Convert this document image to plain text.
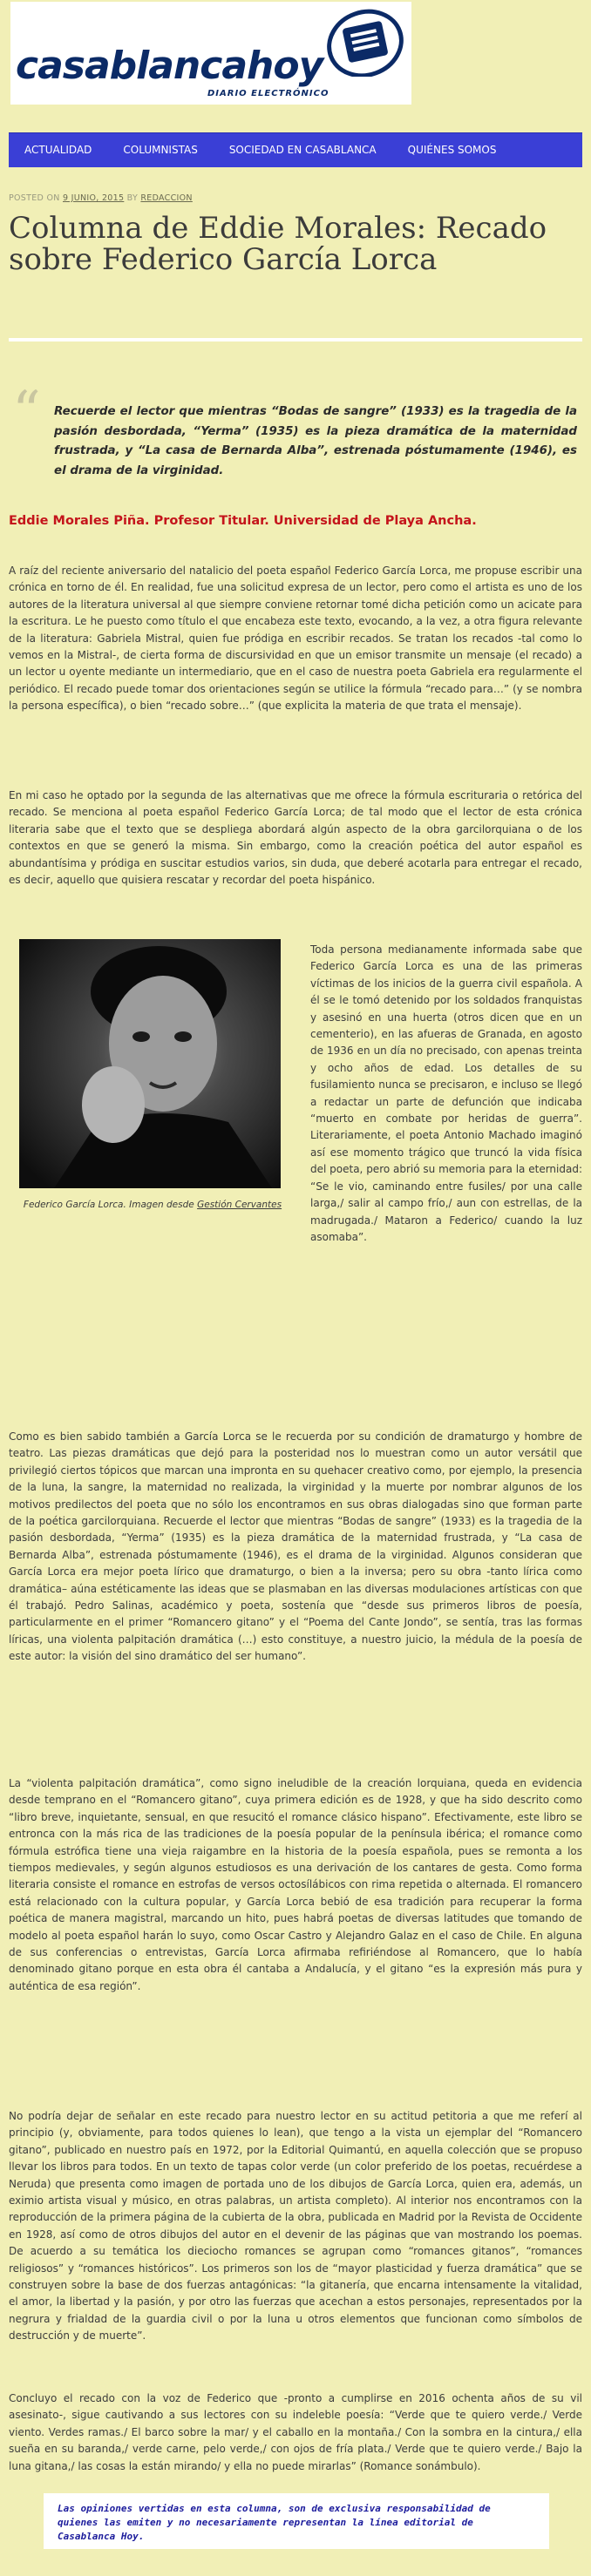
casablancahoy
DIARIO ELECTRÓNICO
ACTUALIDAD	COLUMNISTAS	SOCIEDAD EN CASABLANCA	QUIÉNES SOMOS
POSTED ON 9 JUNIO, 2015 BY REDACCION
Columna de Eddie Morales: Recado sobre Federico García Lorca
“ Recuerde el lector que mientras “Bodas de sangre” (1933) es la tragedia de la pasión desbordada, “Yerma” (1935) es la pieza dramática de la maternidad frustrada, y “La casa de Bernarda Alba”, estrenada póstumamente (1946), es el drama de la virginidad.
Eddie Morales Piña. Profesor Titular. Universidad de Playa Ancha.

A raíz del reciente aniversario del natalicio del poeta español Federico García Lorca, me propuse escribir una crónica en torno de él. En realidad, fue una solicitud expresa de un lector, pero como el artista es uno de los autores de la literatura universal al que siempre conviene retornar tomé dicha petición como un acicate para la escritura. Le he puesto como título el que encabeza este texto, evocando, a la vez, a otra figura relevante de la literatura: Gabriela Mistral, quien fue pródiga en escribir recados. Se tratan los recados -tal como lo vemos en la Mistral-, de cierta forma de discursividad en que un emisor transmite un mensaje (el recado) a un lector u oyente mediante un intermediario, que en el caso de nuestra poeta Gabriela era regularmente el periódico. El recado puede tomar dos orientaciones según se utilice la fórmula “recado para…” (y se nombra la persona específica), o bien “recado sobre…” (que explicita la materia de que trata el mensaje).

En mi caso he optado por la segunda de las alternativas que me ofrece la fórmula escrituraria o retórica del recado. Se menciona al poeta español Federico García Lorca; de tal modo que el lector de esta crónica literaria sabe que el texto que se despliega abordará algún aspecto de la obra garcilorquiana o de los contextos en que se generó la misma. Sin embargo, como la creación poética del autor español es abundantísima y pródiga en suscitar estudios varios, sin duda, que deberé acotarla para entregar el recado, es decir, aquello que quisiera rescatar y recordar del poeta hispánico.

Federico García Lorca. Imagen desde Gestión Cervantes

Toda persona medianamente informada sabe que Federico García Lorca es una de las primeras víctimas de los inicios de la guerra civil española. A él se le tomó detenido por los soldados franquistas y asesinó en una huerta (otros dicen que en un cementerio), en las afueras de Granada, en agosto de 1936 en un día no precisado, con apenas treinta y ocho años de edad. Los detalles de su fusilamiento nunca se precisaron, e incluso se llegó a redactar un parte de defunción que indicaba “muerto en combate por heridas de guerra”. Literariamente, el poeta Antonio Machado imaginó así ese momento trágico que truncó la vida física del poeta, pero abrió su memoria para la eternidad: “Se le vio, caminando entre fusiles/ por una calle larga,/ salir al campo frío,/ aun con estrellas, de la madrugada./ Mataron a Federico/ cuando la luz asomaba”.

Como es bien sabido también a García Lorca se le recuerda por su condición de dramaturgo y hombre de teatro. Las piezas dramáticas que dejó para la posteridad nos lo muestran como un autor versátil que privilegió ciertos tópicos que marcan una impronta en su quehacer creativo como, por ejemplo, la presencia de la luna, la sangre, la maternidad no realizada, la virginidad y la muerte por nombrar algunos de los motivos predilectos del poeta que no sólo los encontramos en sus obras dialogadas sino que forman parte de la poética garcilorquiana. Recuerde el lector que mientras “Bodas de sangre” (1933) es la tragedia de la pasión desbordada, “Yerma” (1935) es la pieza dramática de la maternidad frustrada, y “La casa de Bernarda Alba”, estrenada póstumamente (1946), es el drama de la virginidad. Algunos consideran que García Lorca era mejor poeta lírico que dramaturgo, o bien a la inversa; pero su obra -tanto lírica como dramática– aúna estéticamente las ideas que se plasmaban en las diversas modulaciones artísticas con que él trabajó. Pedro Salinas, académico y poeta, sostenía que “desde sus primeros libros de poesía, particularmente en el primer “Romancero gitano” y el “Poema del Cante Jondo”, se sentía, tras las formas líricas, una violenta palpitación dramática (…) esto constituye, a nuestro juicio, la médula de la poesía de este autor: la visión del sino dramático del ser humano”.

La “violenta palpitación dramática”, como signo ineludible de la creación lorquiana, queda en evidencia desde temprano en el “Romancero gitano”, cuya primera edición es de 1928, y que ha sido descrito como “libro breve, inquietante, sensual, en que resucitó el romance clásico hispano”. Efectivamente, este libro se entronca con la más rica de las tradiciones de la poesía popular de la península ibérica; el romance como fórmula estrófica tiene una vieja raigambre en la historia de la poesía española, pues se remonta a los tiempos medievales, y según algunos estudiosos es una derivación de los cantares de gesta. Como forma literaria consiste el romance en estrofas de versos octosílábicos con rima repetida o alternada. El romancero está relacionado con la cultura popular, y García Lorca bebió de esa tradición para recuperar la forma poética de manera magistral, marcando un hito, pues habrá poetas de diversas latitudes que tomando de modelo al poeta español harán lo suyo, como Oscar Castro y Alejandro Galaz en el caso de Chile. En alguna de sus conferencias o entrevistas, García Lorca afirmaba refiriéndose al Romancero, que lo había denominado gitano porque en esta obra él cantaba a Andalucía, y el gitano “es la expresión más pura y auténtica de esa región”.

No podría dejar de señalar en este recado para nuestro lector en su actitud petitoria a que me referí al principio (y, obviamente, para todos quienes lo lean), que tengo a la vista un ejemplar del “Romancero gitano”, publicado en nuestro país en 1972, por la Editorial Quimantú, en aquella colección que se propuso llevar los libros para todos. En un texto de tapas color verde (un color preferido de los poetas, recuérdese a Neruda) que presenta como imagen de portada uno de los dibujos de García Lorca, quien era, además, un eximio artista visual y músico, en otras palabras, un artista completo). Al interior nos encontramos con la reproducción de la primera página de la cubierta de la obra, publicada en Madrid por la Revista de Occidente en 1928, así como de otros dibujos del autor en el devenir de las páginas que van mostrando los poemas. De acuerdo a su temática los dieciocho romances se agrupan como “romances gitanos”, “romances religiosos” y “romances históricos”. Los primeros son los de “mayor plasticidad y fuerza dramática” que se construyen sobre la base de dos fuerzas antagónicas: “la gitanería, que encarna intensamente la vitalidad, el amor, la libertad y la pasión, y por otro las fuerzas que acechan a estos personajes, representados por la negrura y frialdad de la guardia civil o por la luna u otros elementos que funcionan como símbolos de destrucción y de muerte”.

Concluyo el recado con la voz de Federico que -pronto a cumplirse en 2016 ochenta años de su vil asesinato-, sigue cautivando a sus lectores con su indeleble poesía: “Verde que te quiero verde./ Verde viento. Verdes ramas./ El barco sobre la mar/ y el caballo en la montaña./ Con la sombra en la cintura,/ ella sueña en su baranda,/ verde carne, pelo verde,/ con ojos de fría plata./ Verde que te quiero verde./ Bajo la luna gitana,/ las cosas la están mirando/ y ella no puede mirarlas” (Romance sonámbulo).

Las opiniones vertidas en esta columna, son de exclusiva responsabilidad de quienes las emiten y no necesariamente representan la línea editorial de Casablanca Hoy.
